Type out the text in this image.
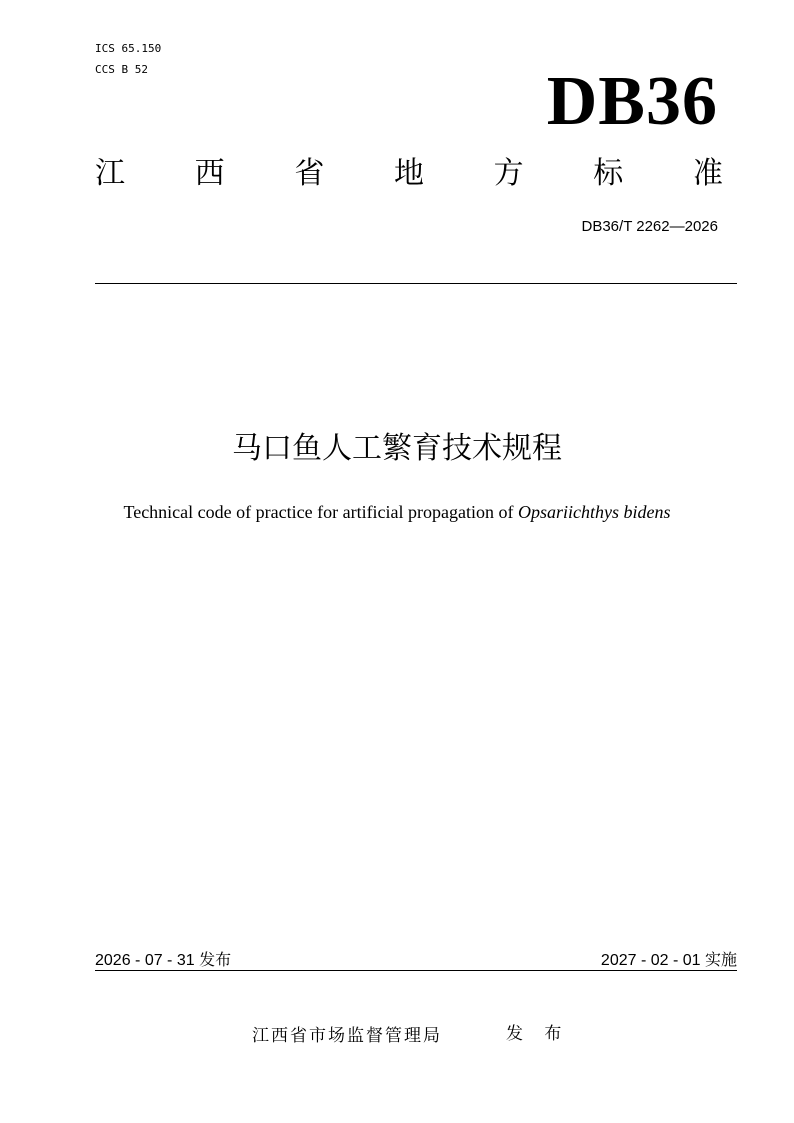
ICS 65.150
CCS B 52	DB36
江 西 省 地 方 标 准
DB36/T 2262—2026
马口鱼人工繁育技术规程
Technical code of practice for artificial propagation of Opsariichthys bidens
2026 - 07 - 31 发布	2027 - 02 - 01 实施
江西省市场监督管理局	发 布
